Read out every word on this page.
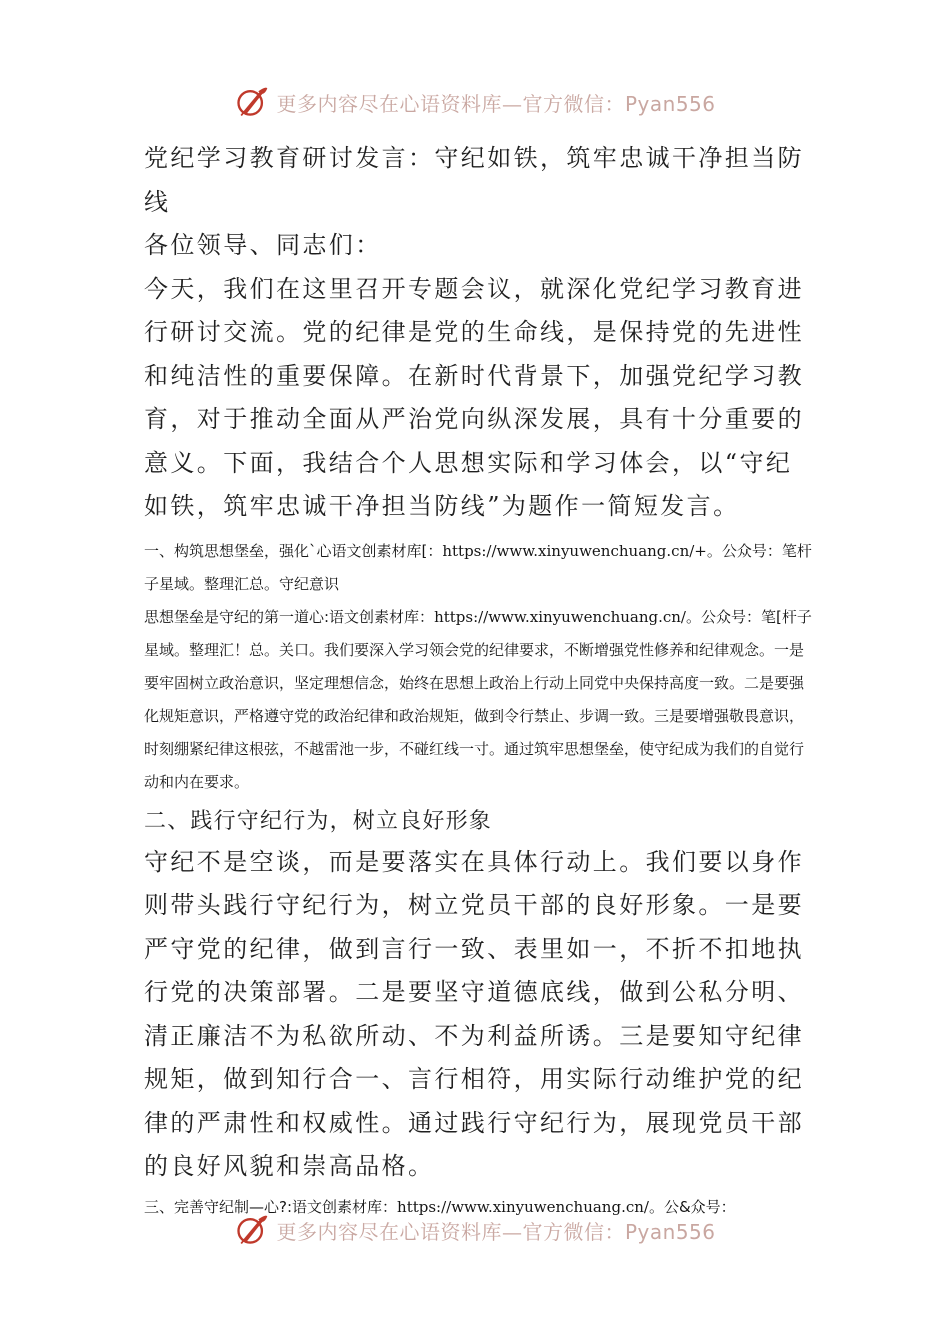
更多内容尽在心语资料库—官方微信：Pyan556

党纪学习教育研讨发言：守纪如铁，筑牢忠诚干净担当防线

各位领导、同志们：

今天，我们在这里召开专题会议，就深化党纪学习教育进行研讨交流。党的纪律是党的生命线，是保持党的先进性和纯洁性的重要保障。在新时代背景下，加强党纪学习教育，对于推动全面从严治党向纵深发展，具有十分重要的意义。下面，我结合个人思想实际和学习体会，以“守纪如铁，筑牢忠诚干净担当防线”为题作一简短发言。

一、构筑思想堡垒，强化`心语文创素材库[：https://www.xinyuwenchuang.cn/+。公众号：笔杆子星域。整理汇总。守纪意识

思想堡垒是守纪的第一道心:语文创素材库：https://www.xinyuwenchuang.cn/。公众号：笔[杆子星域。整理汇！总。关口。我们要深入学习领会党的纪律要求，不断增强党性修养和纪律观念。一是要牢固树立政治意识，坚定理想信念，始终在思想上政治上行动上同党中央保持高度一致。二是要强化规矩意识，严格遵守党的政治纪律和政治规矩，做到令行禁止、步调一致。三是要增强敬畏意识，时刻绷紧纪律这根弦，不越雷池一步，不碰红线一寸。通过筑牢思想堡垒，使守纪成为我们的自觉行动和内在要求。

二、践行守纪行为，树立良好形象

守纪不是空谈，而是要落实在具体行动上。我们要以身作则带头践行守纪行为，树立党员干部的良好形象。一是要严守党的纪律，做到言行一致、表里如一，不折不扣地执行党的决策部署。二是要坚守道德底线，做到公私分明、清正廉洁不为私欲所动、不为利益所诱。三是要知守纪律规矩，做到知行合一、言行相符，用实际行动维护党的纪律的严肃性和权威性。通过践行守纪行为，展现党员干部的良好风貌和崇高品格。

三、完善守纪制—心?:语文创素材库：https://www.xinyuwenchuang.cn/。公&众号：

更多内容尽在心语资料库—官方微信：Pyan556
